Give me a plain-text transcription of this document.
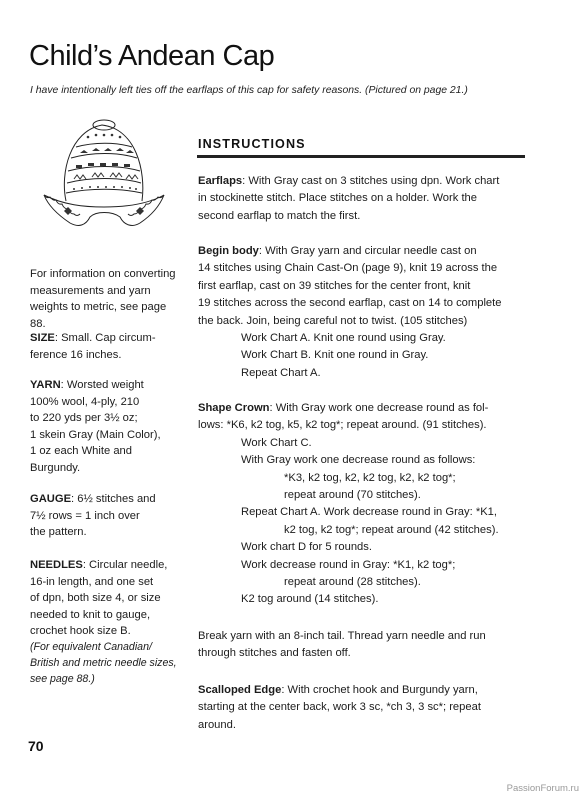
Child’s Andean Cap
I have intentionally left ties off the earflaps of this cap for safety reasons. (Pictured on page 21.)
For information on converting
measurements and yarn
weights to metric, see page 88.
SIZE: Small. Cap circum-
ference 16 inches.
YARN: Worsted weight
100% wool, 4-ply, 210
to 220 yds per 3½ oz;
1 skein Gray (Main Color),
1 oz each White and
Burgundy.
GAUGE: 6½ stitches and
7½ rows = 1 inch over
the pattern.
NEEDLES: Circular needle,
16-in length, and one set
of dpn, both size 4, or size
needed to knit to gauge,
crochet hook size B.
(For equivalent Canadian/
British and metric needle sizes,
see page 88.)
INSTRUCTIONS
Earflaps: With Gray cast on 3 stitches using dpn. Work chart
in stockinette stitch. Place stitches on a holder. Work the
second earflap to match the first.
Begin body: With Gray yarn and circular needle cast on
14 stitches using Chain Cast-On (page 9), knit 19 across the
first earflap, cast on 39 stitches for the center front, knit
19 stitches across the second earflap, cast on 14 to complete
the back. Join, being careful not to twist. (105 stitches)
Work Chart A. Knit one round using Gray.
Work Chart B. Knit one round in Gray.
Repeat Chart A.
Shape Crown: With Gray work one decrease round as fol-
lows: *K6, k2 tog, k5, k2 tog*; repeat around. (91 stitches).
Work Chart C.
With Gray work one decrease round as follows:
*K3, k2 tog, k2, k2 tog, k2, k2 tog*;
repeat around (70 stitches).
Repeat Chart A. Work decrease round in Gray: *K1,
k2 tog, k2 tog*; repeat around (42 stitches).
Work chart D for 5 rounds.
Work decrease round in Gray: *K1, k2 tog*;
repeat around (28 stitches).
K2 tog around (14 stitches).
Break yarn with an 8-inch tail. Thread yarn needle and run
through stitches and fasten off.
Scalloped Edge: With crochet hook and Burgundy yarn,
starting at the center back, work 3 sc, *ch 3, 3 sc*; repeat
around.
70
PassionForum.ru
